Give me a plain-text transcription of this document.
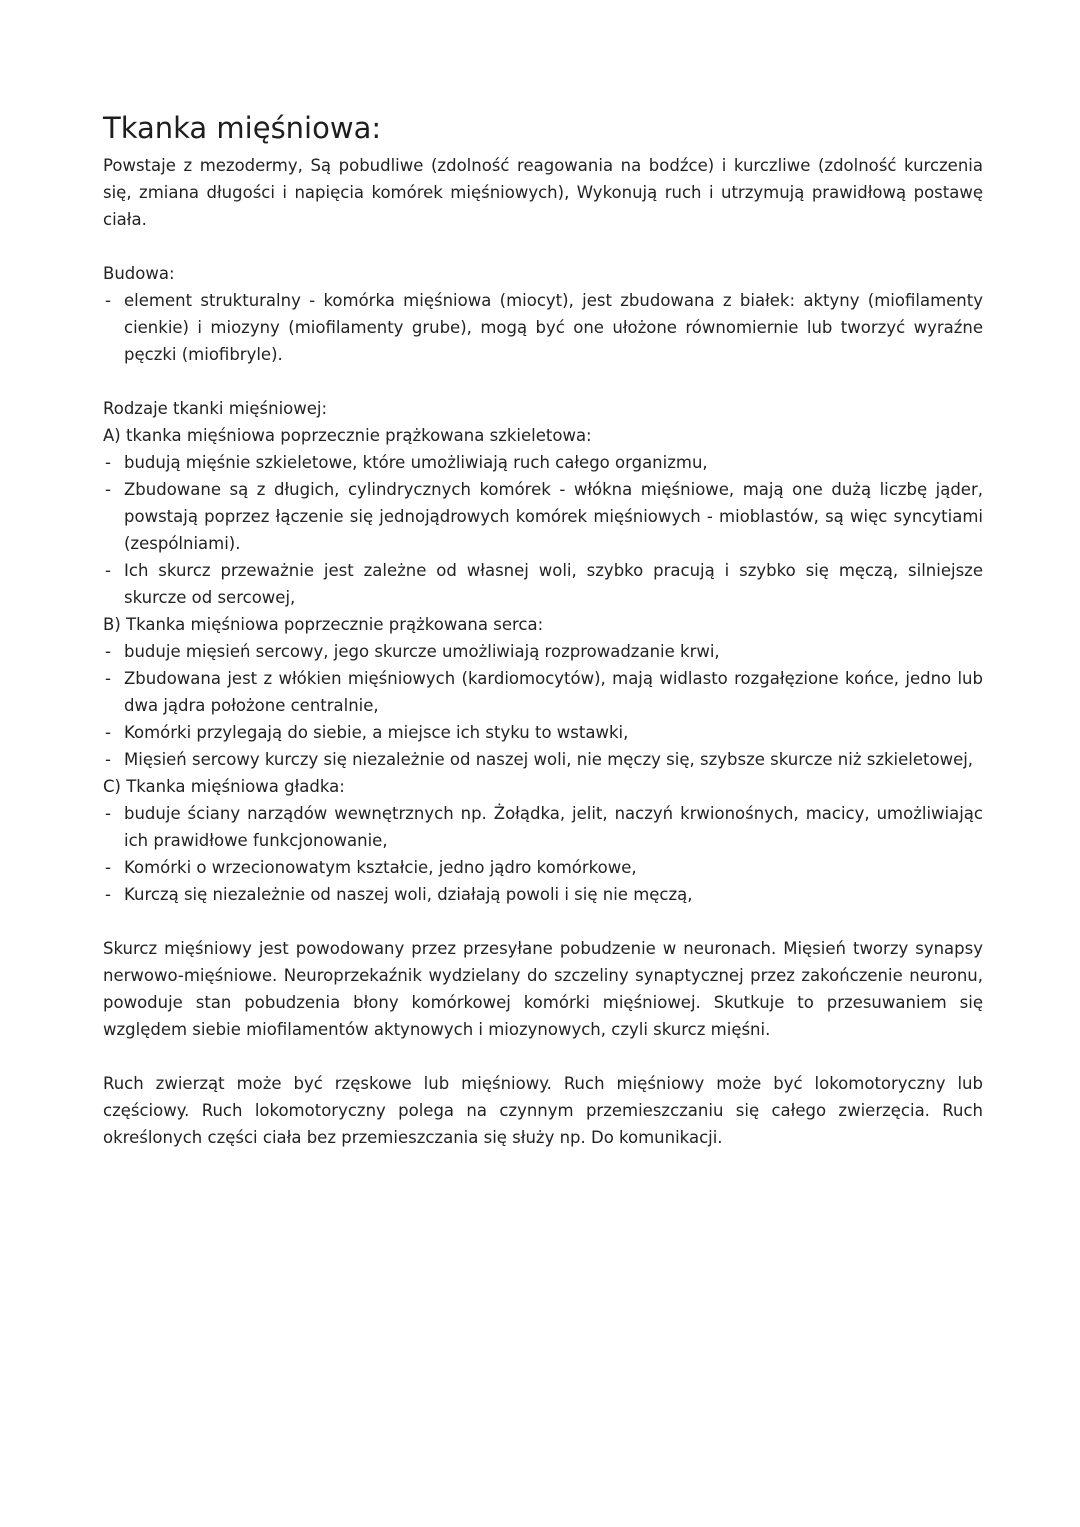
Tkanka mięśniowa:

Powstaje z mezodermy, Są pobudliwe (zdolność reagowania na bodźce) i kurczliwe (zdolność kurczenia się, zmiana długości i napięcia komórek mięśniowych), Wykonują ruch i utrzymują prawidłową postawę ciała.

Budowa:

- element strukturalny - komórka mięśniowa (miocyt), jest zbudowana z białek: aktyny (miofilamenty cienkie) i miozyny (miofilamenty grube), mogą być one ułożone równomiernie lub tworzyć wyraźne pęczki (miofibryle).

Rodzaje tkanki mięśniowej:

A) tkanka mięśniowa poprzecznie prążkowana szkieletowa:
- budują mięśnie szkieletowe, które umożliwiają ruch całego organizmu,
- Zbudowane są z długich, cylindrycznych komórek - włókna mięśniowe, mają one dużą liczbę jąder, powstają poprzez łączenie się jednojądrowych komórek mięśniowych - mioblastów, są więc syncytiami (zespólniami).
- Ich skurcz przeważnie jest zależne od własnej woli, szybko pracują i szybko się męczą, silniejsze skurcze od sercowej,
B) Tkanka mięśniowa poprzecznie prążkowana serca:
- buduje mięsień sercowy, jego skurcze umożliwiają rozprowadzanie krwi,
- Zbudowana jest z włókien mięśniowych (kardiomocytów), mają widlasto rozgałęzione końce, jedno lub dwa jądra położone centralnie,
- Komórki przylegają do siebie, a miejsce ich styku to wstawki,
- Mięsień sercowy kurczy się niezależnie od naszej woli, nie męczy się, szybsze skurcze niż szkieletowej,
C) Tkanka mięśniowa gładka:
- buduje ściany narządów wewnętrznych np. Żołądka, jelit, naczyń krwionośnych, macicy, umożliwiając ich prawidłowe funkcjonowanie,
- Komórki o wrzecionowatym kształcie, jedno jądro komórkowe,
- Kurczą się niezależnie od naszej woli, działają powoli i się nie męczą,

Skurcz mięśniowy jest powodowany przez przesyłane pobudzenie w neuronach. Mięsień tworzy synapsy nerwowo-mięśniowe. Neuroprzekaźnik wydzielany do szczeliny synaptycznej przez zakończenie neuronu, powoduje stan pobudzenia błony komórkowej komórki mięśniowej. Skutkuje to przesuwaniem się względem siebie miofilamentów aktynowych i miozynowych, czyli skurcz mięśni.

Ruch zwierząt może być rzęskowe lub mięśniowy. Ruch mięśniowy może być lokomotoryczny lub częściowy. Ruch lokomotoryczny polega na czynnym przemieszczaniu się całego zwierzęcia. Ruch określonych części ciała bez przemieszczania się służy np. Do komunikacji.
